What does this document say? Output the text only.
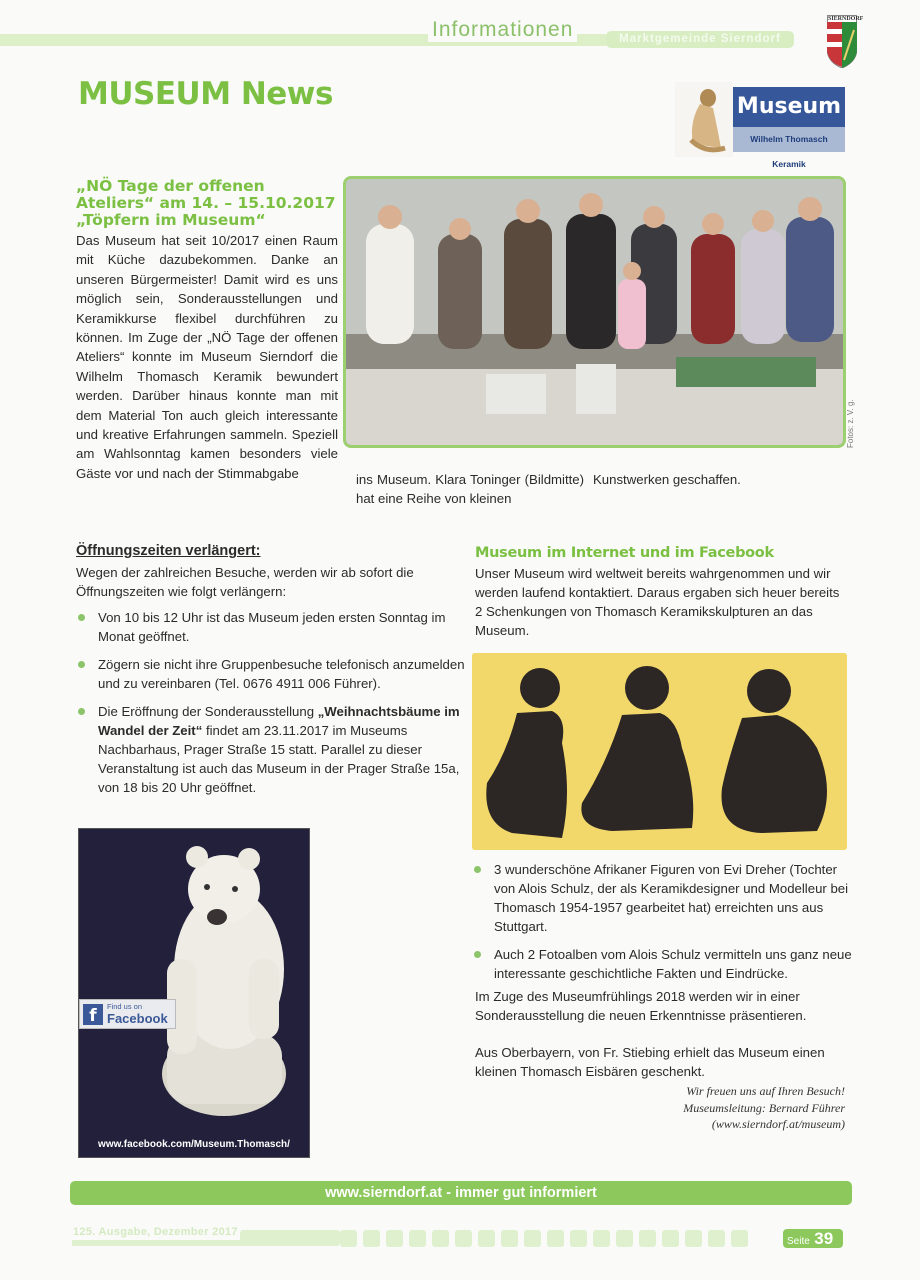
Informationen	Marktgemeinde Sierndorf
SIERNDORF
MUSEUM News	Museum
Wilhelm Thomasch Keramik
„NÖ Tage der offenen
Ateliers“ am 14. – 15.10.2017
„Töpfern im Museum“
Das Museum hat seit 10/2017 einen Raum mit Küche dazubekommen. Danke an unseren Bürgermeister! Damit wird es uns möglich sein, Sonderausstellungen und Keramikkurse flexibel durchführen zu können. Im Zuge der „NÖ Tage der offenen Ateliers“ konnte im Museum Sierndorf die Wilhelm Thomasch Keramik bewundert werden. Darüber hinaus konnte man mit dem Material Ton auch gleich interessante und kreative Erfahrungen sammeln. Speziell am Wahlsonntag kamen besonders viele Gäste vor und nach der Stimmabgabe
Fotos: z. V. g.
ins Museum. Klara Toninger (Bildmitte) hat eine Reihe von kleinen
Kunstwerken geschaffen.
Öffnungszeiten verlängert:
Wegen der zahlreichen Besuche, werden wir ab sofort die Öffnungszeiten wie folgt verlängern:
Von 10 bis 12 Uhr ist das Museum jeden ersten Sonntag im Monat geöffnet.
Zögern sie nicht ihre Gruppenbesuche telefonisch anzumelden und zu vereinbaren (Tel. 0676 4911 006 Führer).
Die Eröffnung der Sonderausstellung „Weihnachtsbäume im Wandel der Zeit“ findet am 23.11.2017 im Museums Nachbarhaus, Prager Straße 15 statt. Parallel zu dieser Veranstaltung ist auch das Museum in der Prager Straße 15a, von 18 bis 20 Uhr geöffnet.
f	Find us on
Facebook
www.facebook.com/Museum.Thomasch/
Museum im Internet und im Facebook
Unser Museum wird weltweit bereits wahrgenommen und wir werden laufend kontaktiert. Daraus ergaben sich heuer bereits 2 Schenkungen von Thomasch Keramikskulpturen an das Museum.
3 wunderschöne Afrikaner Figuren von Evi Dreher (Tochter von Alois Schulz, der als Keramikdesigner und Modelleur bei Thomasch 1954-1957 gearbeitet hat) erreichten uns aus Stuttgart.
Auch 2 Fotoalben vom Alois Schulz vermitteln uns ganz neue interessante geschichtliche Fakten und Eindrücke.
Im Zuge des Museumfrühlings 2018 werden wir in einer Sonderausstellung die neuen Erkenntnisse präsentieren.
Aus Oberbayern, von Fr. Stiebing erhielt das Museum einen kleinen Thomasch Eisbären geschenkt.
Wir freuen uns auf Ihren Besuch!
Museumsleitung: Bernard Führer
(www.sierndorf.at/museum)
www.sierndorf.at - immer gut informiert
125. Ausgabe, Dezember 2017
Seite 39
